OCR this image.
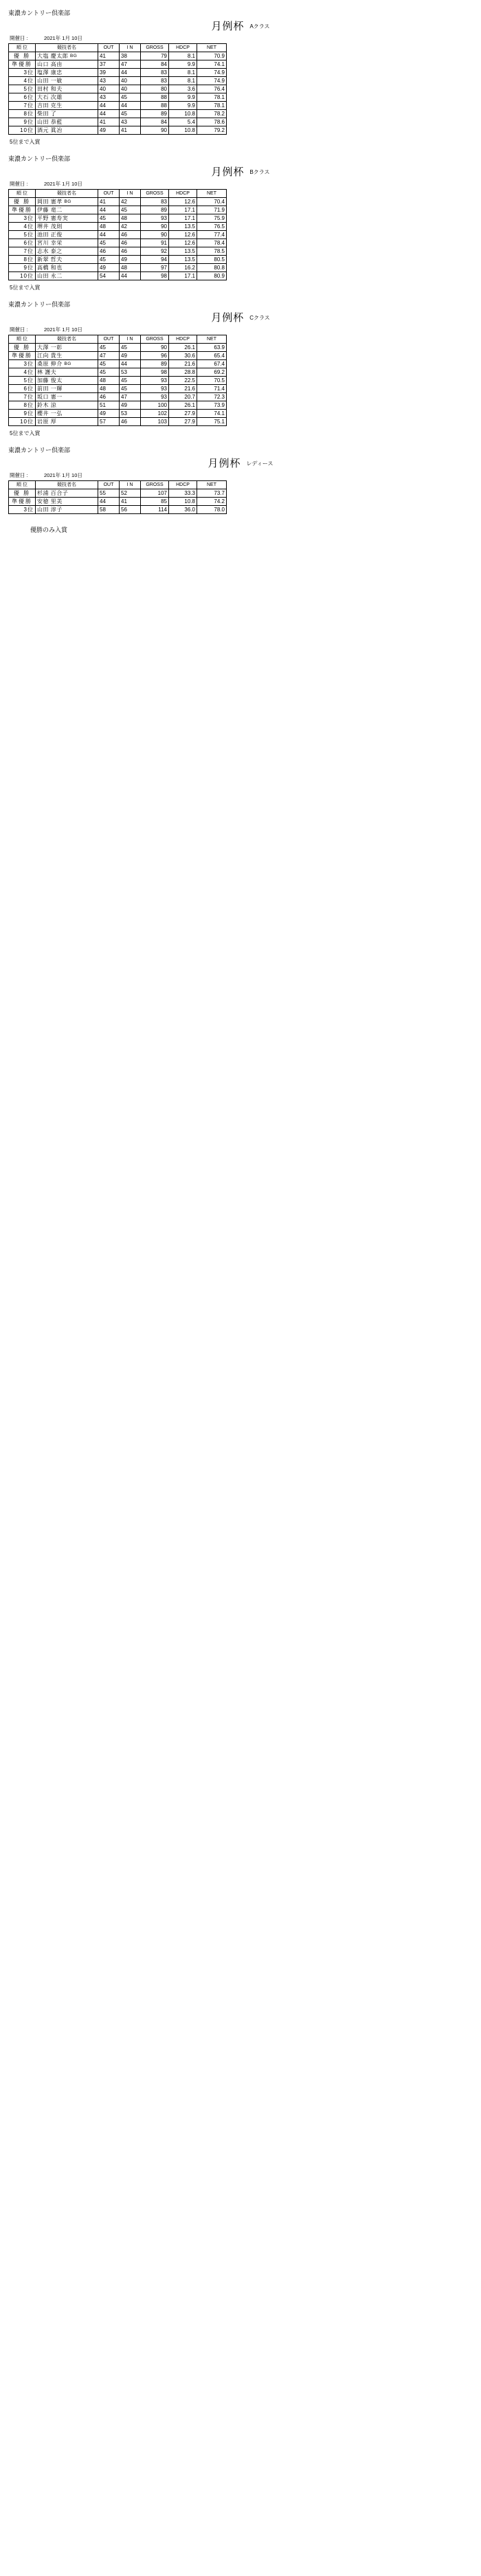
東濃カントリー倶楽部
月例杯 Aクラス
開催日 :	2021年 1月 10日
順 位	競技者名	OUT	I N	GROSS	HDCP	NET
優 勝	大塩 慶太郎 BG	41	38	79	8.1	70.9
準優勝	山口 高由	37	47	84	9.9	74.1
3位	塩澤 康忠	39	44	83	8.1	74.9
4位	山田 一敏	43	40	83	8.1	74.9
5位	田村 和夫	40	40	80	3.6	76.4
6位	大石 次雄	43	45	88	9.9	78.1
7位	吉田 克生	44	44	88	9.9	78.1
8位	柴田 了	44	45	89	10.8	78.2
9位	山田 恭藍	41	43	84	5.4	78.6
10位	酒元 眞冶	49	41	90	10.8	79.2
5位まで入賞
東濃カントリー倶楽部
月例杯 Bクラス
開催日 :	2021年 1月 10日
順 位	競技者名	OUT	I N	GROSS	HDCP	NET
優 勝	岡田 憲孝 BG	41	42	83	12.6	70.4
準優勝	伊藤 竜二	44	45	89	17.1	71.9
3位	平野 憲寿実	45	48	93	17.1	75.9
4位	堺井 茂則	48	42	90	13.5	76.5
5位	池田 正俊	44	46	90	12.6	77.4
6位	宮川 幸栄	45	46	91	12.6	78.4
7位	志水 泰之	46	46	92	13.5	78.5
8位	新翠 哲夫	45	49	94	13.5	80.5
9位	高橋 和也	49	48	97	16.2	80.8
10位	山田 永二	54	44	98	17.1	80.9
5位まで入賞
東濃カントリー倶楽部
月例杯 Cクラス
開催日 :	2021年 1月 10日
順 位	競技者名	OUT	I N	GROSS	HDCP	NET
優 勝	大澤 一彰	45	45	90	26.1	63.9
準優勝	江向 貴生	47	49	96	30.6	65.4
3位	桑原 伸介 BG	45	44	89	21.6	67.4
4位	林 護夫	45	53	98	28.8	69.2
5位	加藤 俊太	48	45	93	22.5	70.5
6位	前田 一輝	48	45	93	21.6	71.4
7位	坂口 憲一	46	47	93	20.7	72.3
8位	鈴木 涼	51	49	100	26.1	73.9
9位	櫻井 一弘	49	53	102	27.9	74.1
10位	岩原 厚	57	46	103	27.9	75.1
5位まで入賞
東濃カントリー倶楽部
月例杯 レディース
開催日 :	2021年 1月 10日
順 位	競技者名	OUT	I N	GROSS	HDCP	NET
優 勝	杉浦 百合子	55	52	107	33.3	73.7
準優勝	安徳 里美	44	41	85	10.8	74.2
3位	山田 淳子	58	56	114	36.0	78.0
優勝のみ入賞
